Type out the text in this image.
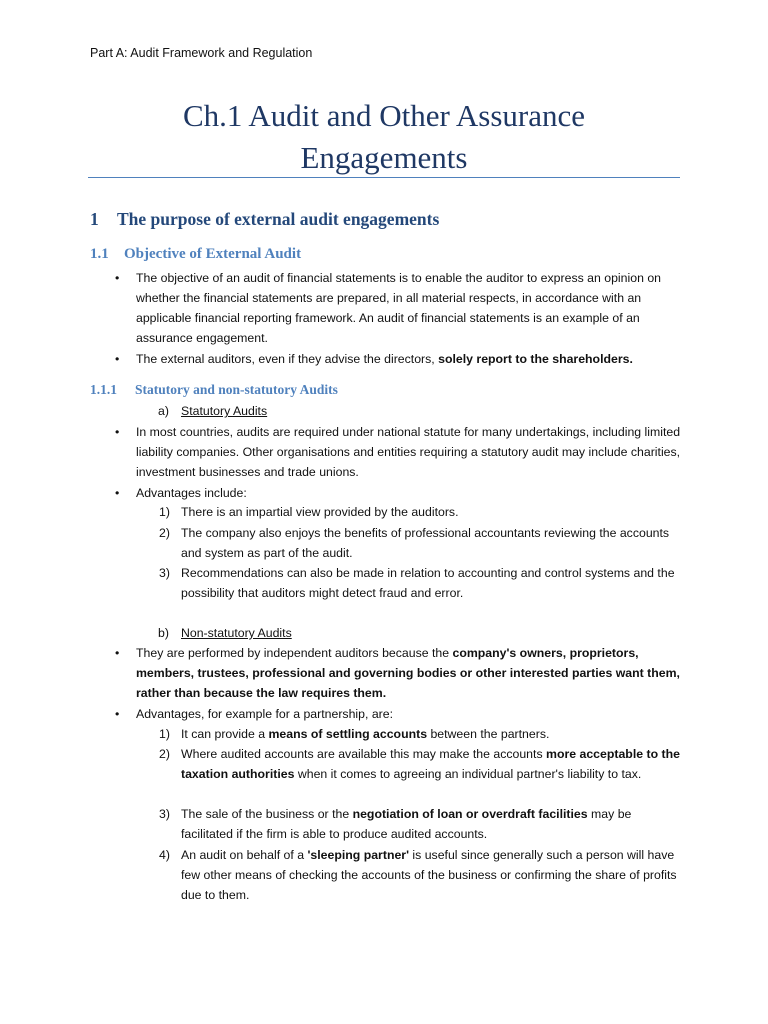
Part A: Audit Framework and Regulation
Ch.1 Audit and Other Assurance
Engagements
1 The purpose of external audit engagements
1.1 Objective of External Audit
• The objective of an audit of financial statements is to enable the auditor to express an opinion on whether the financial statements are prepared, in all material respects, in accordance with an applicable financial reporting framework. An audit of financial statements is an example of an assurance engagement.
• The external auditors, even if they advise the directors, solely report to the shareholders.
1.1.1 Statutory and non-statutory Audits
a) Statutory Audits
• In most countries, audits are required under national statute for many undertakings, including limited liability companies. Other organisations and entities requiring a statutory audit may include charities, investment businesses and trade unions.
• Advantages include:
1) There is an impartial view provided by the auditors.
2) The company also enjoys the benefits of professional accountants reviewing the accounts and system as part of the audit.
3) Recommendations can also be made in relation to accounting and control systems and the possibility that auditors might detect fraud and error.
b) Non-statutory Audits
• They are performed by independent auditors because the company's owners, proprietors, members, trustees, professional and governing bodies or other interested parties want them, rather than because the law requires them.
• Advantages, for example for a partnership, are:
1) It can provide a means of settling accounts between the partners.
2) Where audited accounts are available this may make the accounts more acceptable to the taxation authorities when it comes to agreeing an individual partner's liability to tax.
3) The sale of the business or the negotiation of loan or overdraft facilities may be facilitated if the firm is able to produce audited accounts.
4) An audit on behalf of a 'sleeping partner' is useful since generally such a person will have few other means of checking the accounts of the business or confirming the share of profits due to them.
